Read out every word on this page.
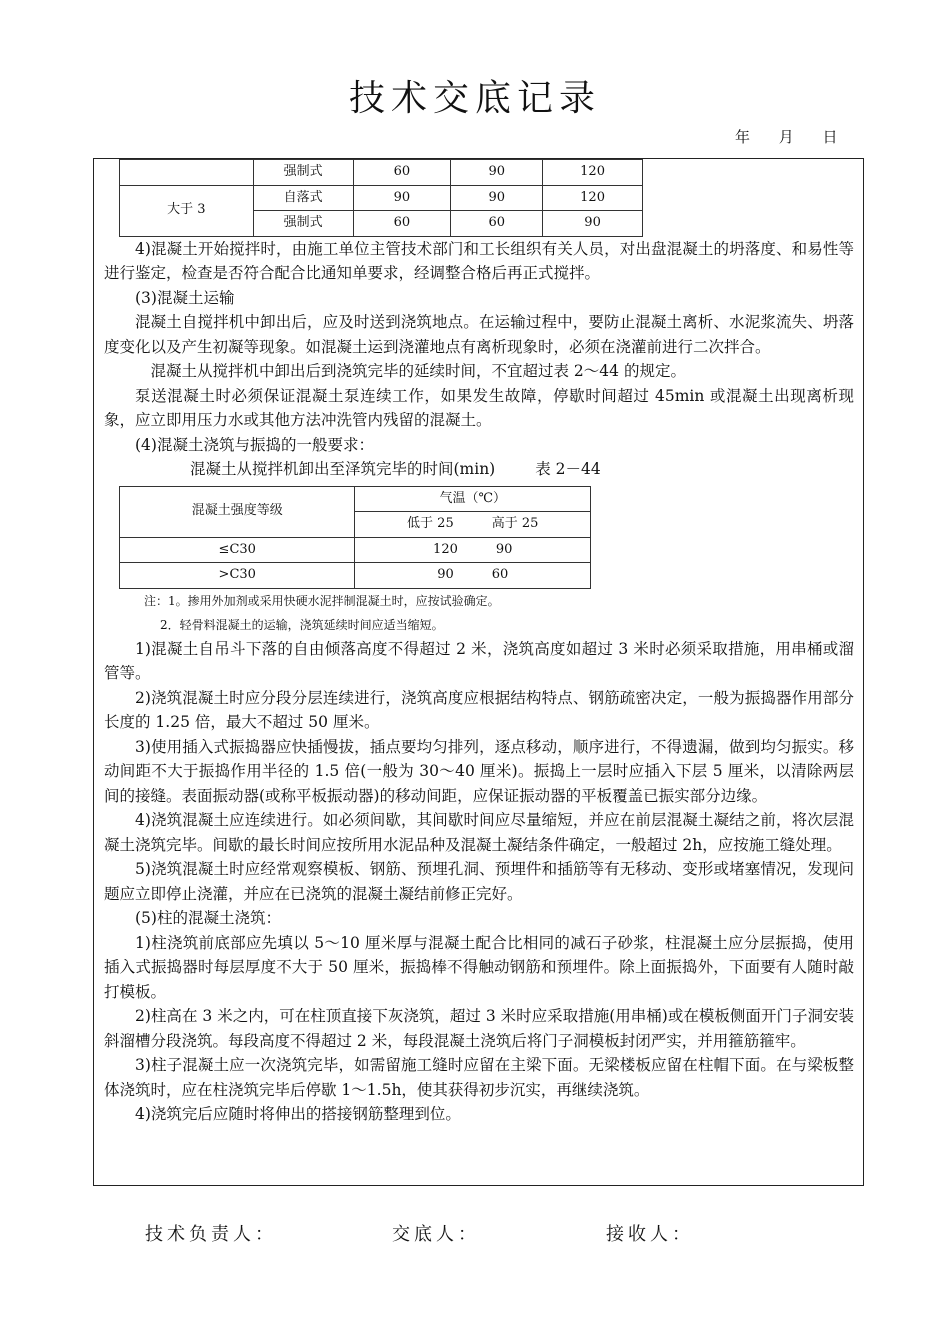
技术交底记录
年 月 日
	强制式	60	90	120
大于 3	自落式	90	90	120
	强制式	60	60	90

4)混凝土开始搅拌时，由施工单位主管技术部门和工长组织有关人员，对出盘混凝土的坍落度、和易性等进行鉴定，检查是否符合配合比通知单要求，经调整合格后再正式搅拌。

(3)混凝土运输

混凝土自搅拌机中卸出后，应及时送到浇筑地点。在运输过程中，要防止混凝土离析、水泥浆流失、坍落度变化以及产生初凝等现象。如混凝土运到浇灌地点有离析现象时，必须在浇灌前进行二次拌合。

混凝土从搅拌机中卸出后到浇筑完毕的延续时间，不宜超过表 2～44 的规定。

泵送混凝土时必须保证混凝土泵连续工作，如果发生故障，停歇时间超过 45min 或混凝土出现离析现象，应立即用压力水或其他方法冲洗管内残留的混凝土。

(4)混凝土浇筑与振捣的一般要求：

混凝土从搅拌机卸出至泽筑完毕的时间(min)	表 2－44

混凝土强度等级	气温（℃）
	低于 25 高于 25
≤C30	120 90
>C30	90 60

注：1。掺用外加剂或采用快硬水泥拌制混凝土时，应按试验确定。

2．轻骨料混凝土的运输，浇筑延续时间应适当缩短。

1)混凝土自吊斗下落的自由倾落高度不得超过 2 米，浇筑高度如超过 3 米时必须采取措施，用串桶或溜管等。

2)浇筑混凝土时应分段分层连续进行，浇筑高度应根据结构特点、钢筋疏密决定，一般为振捣器作用部分长度的 1.25 倍，最大不超过 50 厘米。

3)使用插入式振捣器应快插慢拔，插点要均匀排列，逐点移动，顺序进行，不得遗漏，做到均匀振实。移动间距不大于振捣作用半径的 1.5 倍(一般为 30～40 厘米)。振捣上一层时应插入下层 5 厘米，以清除两层间的接缝。表面振动器(或称平板振动器)的移动间距，应保证振动器的平板覆盖已振实部分边缘。

4)浇筑混凝土应连续进行。如必须间歇，其间歇时间应尽量缩短，并应在前层混凝土凝结之前，将次层混凝土浇筑完毕。间歇的最长时间应按所用水泥品种及混凝土凝结条件确定，一般超过 2h，应按施工缝处理。

5)浇筑混凝土时应经常观察模板、钢筋、预埋孔洞、预埋件和插筋等有无移动、变形或堵塞情况，发现问题应立即停止浇灌，并应在已浇筑的混凝土凝结前修正完好。

(5)柱的混凝土浇筑：

1)柱浇筑前底部应先填以 5～10 厘米厚与混凝土配合比相同的减石子砂浆，柱混凝土应分层振捣，使用插入式振捣器时每层厚度不大于 50 厘米，振捣棒不得触动钢筋和预埋件。除上面振捣外，下面要有人随时敲打模板。

2)柱高在 3 米之内，可在柱顶直接下灰浇筑，超过 3 米时应采取措施(用串桶)或在模板侧面开门子洞安装斜溜槽分段浇筑。每段高度不得超过 2 米，每段混凝土浇筑后将门子洞模板封闭严实，并用箍筋箍牢。

3)柱子混凝土应一次浇筑完毕，如需留施工缝时应留在主梁下面。无梁楼板应留在柱帽下面。在与梁板整体浇筑时，应在柱浇筑完毕后停歇 1～1.5h，使其获得初步沉实，再继续浇筑。

4)浇筑完后应随时将伸出的搭接钢筋整理到位。

技术负责人：	交底人：	接收人：
